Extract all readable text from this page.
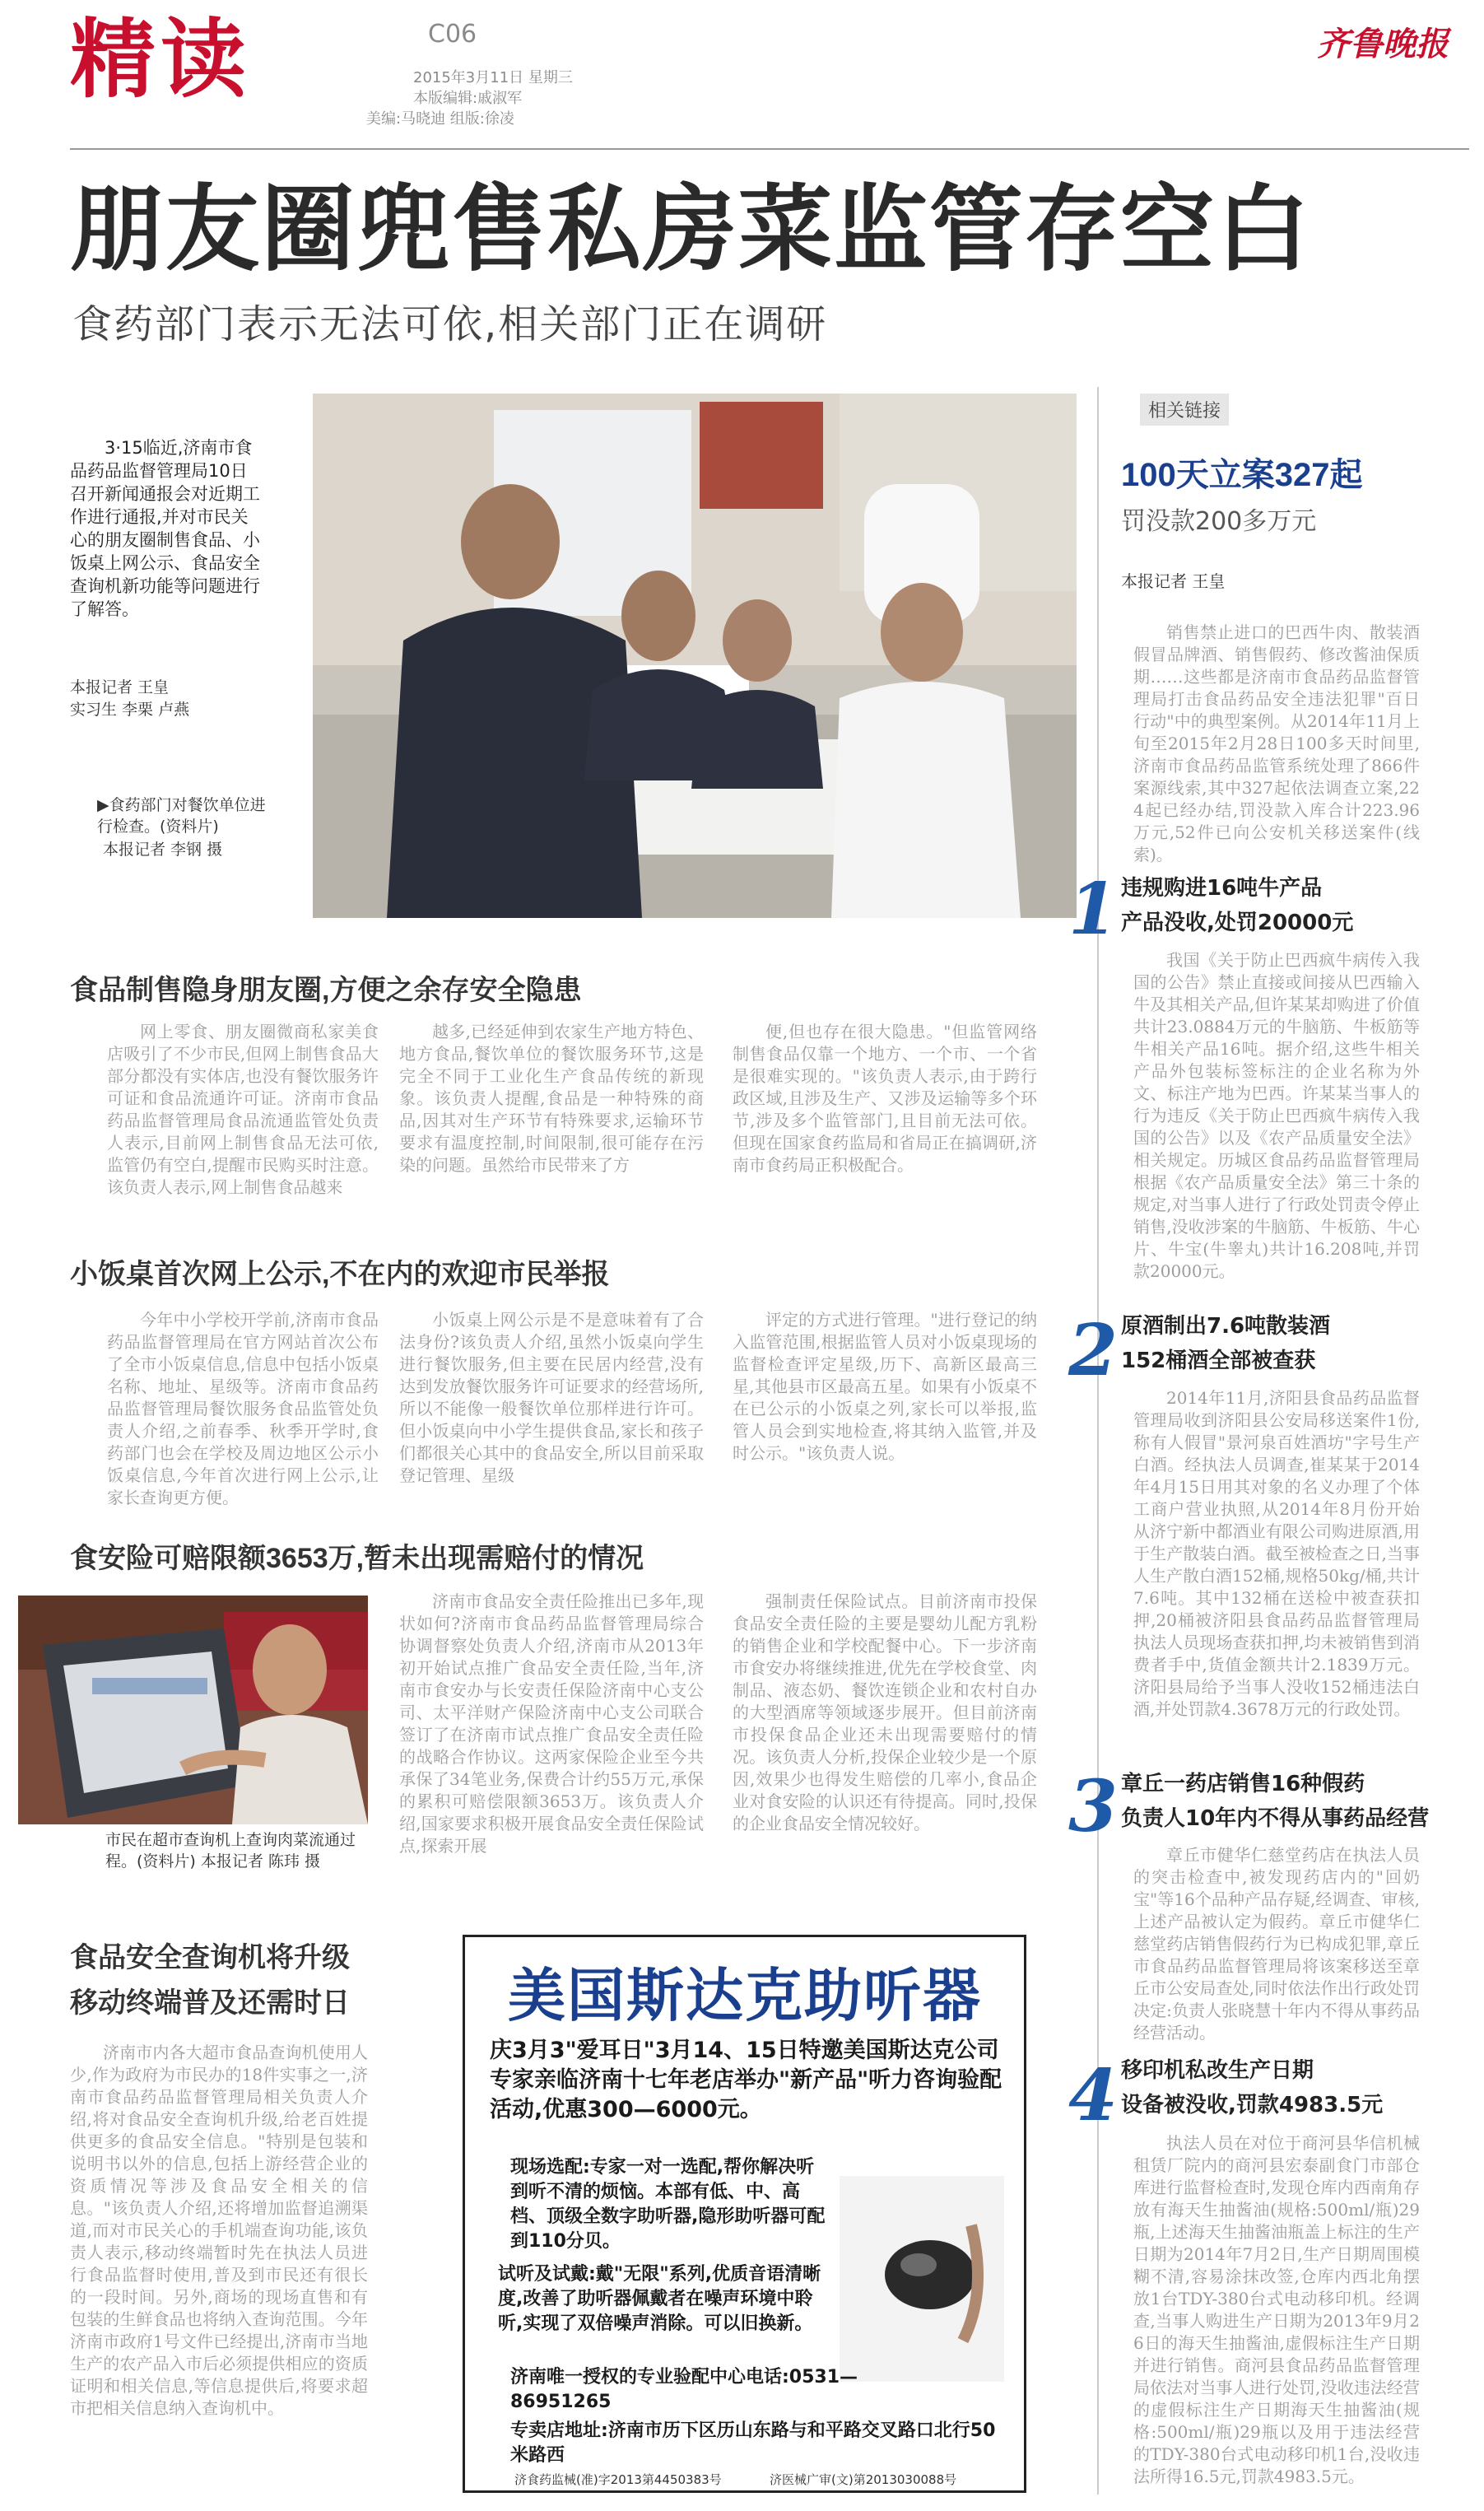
精读	C06
2015年3月11日 星期三
本版编辑:戚淑军
美编:马晓迪 组版:徐凌
齐鲁晚报
朋友圈兜售私房菜监管存空白
食药部门表示无法可依,相关部门正在调研
3·15临近,济南市食品药品监督管理局10日召开新闻通报会对近期工作进行通报,并对市民关心的朋友圈制售食品、小饭桌上网公示、食品安全查询机新功能等问题进行了解答。
本报记者 王皇
实习生 李栗 卢燕
▶食药部门对餐饮单位进行检查。(资料片)
本报记者 李钢 摄
食品制售隐身朋友圈,方便之余存安全隐患

网上零食、朋友圈微商私家美食店吸引了不少市民,但网上制售食品大部分都没有实体店,也没有餐饮服务许可证和食品流通许可证。济南市食品药品监督管理局食品流通监管处负责人表示,目前网上制售食品无法可依,监管仍有空白,提醒市民购买时注意。该负责人表示,网上制售食品越来

越多,已经延伸到农家生产地方特色、地方食品,餐饮单位的餐饮服务环节,这是完全不同于工业化生产食品传统的新现象。该负责人提醒,食品是一种特殊的商品,因其对生产环节有特殊要求,运输环节要求有温度控制,时间限制,很可能存在污染的问题。虽然给市民带来了方

便,但也存在很大隐患。"但监管网络制售食品仅靠一个地方、一个市、一个省是很难实现的。"该负责人表示,由于跨行政区域,且涉及生产、又涉及运输等多个环节,涉及多个监管部门,且目前无法可依。但现在国家食药监局和省局正在搞调研,济南市食药局正积极配合。

小饭桌首次网上公示,不在内的欢迎市民举报

今年中小学校开学前,济南市食品药品监督管理局在官方网站首次公布了全市小饭桌信息,信息中包括小饭桌名称、地址、星级等。济南市食品药品监督管理局餐饮服务食品监管处负责人介绍,之前春季、秋季开学时,食药部门也会在学校及周边地区公示小饭桌信息,今年首次进行网上公示,让家长查询更方便。

小饭桌上网公示是不是意味着有了合法身份?该负责人介绍,虽然小饭桌向学生进行餐饮服务,但主要在民居内经营,没有达到发放餐饮服务许可证要求的经营场所,所以不能像一般餐饮单位那样进行许可。但小饭桌向中小学生提供食品,家长和孩子们都很关心其中的食品安全,所以目前采取登记管理、星级

评定的方式进行管理。"进行登记的纳入监管范围,根据监管人员对小饭桌现场的监督检查评定星级,历下、高新区最高三星,其他县市区最高五星。如果有小饭桌不在已公示的小饭桌之列,家长可以举报,监管人员会到实地检查,将其纳入监管,并及时公示。"该负责人说。

食安险可赔限额3653万,暂未出现需赔付的情况
市民在超市查询机上查询肉菜流通过程。(资料片) 本报记者 陈玮 摄

济南市食品安全责任险推出已多年,现状如何?济南市食品药品监督管理局综合协调督察处负责人介绍,济南市从2013年初开始试点推广食品安全责任险,当年,济南市食安办与长安责任保险济南中心支公司、太平洋财产保险济南中心支公司联合签订了在济南市试点推广食品安全责任险的战略合作协议。这两家保险企业至今共承保了34笔业务,保费合计约55万元,承保的累积可赔偿限额3653万。该负责人介绍,国家要求积极开展食品安全责任保险试点,探索开展

强制责任保险试点。目前济南市投保食品安全责任险的主要是婴幼儿配方乳粉的销售企业和学校配餐中心。下一步济南市食安办将继续推进,优先在学校食堂、肉制品、液态奶、餐饮连锁企业和农村自办的大型酒席等领域逐步展开。但目前济南市投保食品企业还未出现需要赔付的情况。该负责人分析,投保企业较少是一个原因,效果少也得发生赔偿的几率小,食品企业对食安险的认识还有待提高。同时,投保的企业食品安全情况较好。

食品安全查询机将升级
移动终端普及还需时日

济南市内各大超市食品查询机使用人少,作为政府为市民办的18件实事之一,济南市食品药品监督管理局相关负责人介绍,将对食品安全查询机升级,给老百姓提供更多的食品安全信息。"特别是包装和说明书以外的信息,包括上游经营企业的资质情况等涉及食品安全相关的信息。"该负责人介绍,还将增加监督追溯渠道,而对市民关心的手机端查询功能,该负责人表示,移动终端暂时先在执法人员进行食品监督时使用,普及到市民还有很长的一段时间。另外,商场的现场直售和有包装的生鲜食品也将纳入查询范围。今年济南市政府1号文件已经提出,济南市当地生产的农产品入市后必须提供相应的资质证明和相关信息,等信息提供后,将要求超市把相关信息纳入查询机中。

美国斯达克助听器
庆3月3"爱耳日"3月14、15日特邀美国斯达克公司专家亲临济南十七年老店举办"新产品"听力咨询验配活动,优惠300—6000元。
现场选配:专家一对一选配,帮你解决听到听不清的烦恼。本部有低、中、高档、顶级全数字助听器,隐形助听器可配到110分贝。
试听及试戴:戴"无限"系列,优质音语清晰度,改善了助听器佩戴者在噪声环境中聆听,实现了双倍噪声消除。可以旧换新。
济南唯一授权的专业验配中心电话:0531—86951265
专卖店地址:济南市历下区历山东路与和平路交叉路口北行50米路西
济食药监械(准)字2013第4450383号	济医械广审(文)第2013030088号
相关链接
100天立案327起
罚没款200多万元
本报记者 王皇

销售禁止进口的巴西牛肉、散装酒假冒品牌酒、销售假药、修改酱油保质期……这些都是济南市食品药品监督管理局打击食品药品安全违法犯罪"百日行动"中的典型案例。从2014年11月上旬至2015年2月28日100多天时间里,济南市食品药品监管系统处理了866件案源线索,其中327起依法调查立案,224起已经办结,罚没款入库合计223.96万元,52件已向公安机关移送案件(线索)。

1 违规购进16吨牛产品
产品没收,处罚20000元

我国《关于防止巴西疯牛病传入我国的公告》禁止直接或间接从巴西输入牛及其相关产品,但许某某却购进了价值共计23.0884万元的牛脑筋、牛板筋等牛相关产品16吨。据介绍,这些牛相关产品外包装标签标注的企业名称为外文、标注产地为巴西。许某某当事人的行为违反《关于防止巴西疯牛病传入我国的公告》以及《农产品质量安全法》相关规定。历城区食品药品监督管理局根据《农产品质量安全法》第三十条的规定,对当事人进行了行政处罚责令停止销售,没收涉案的牛脑筋、牛板筋、牛心片、牛宝(牛睾丸)共计16.208吨,并罚款20000元。

2 原酒制出7.6吨散装酒
152桶酒全部被查获

2014年11月,济阳县食品药品监督管理局收到济阳县公安局移送案件1份,称有人假冒"景河泉百姓酒坊"字号生产白酒。经执法人员调查,崔某某于2014年4月15日用其对象的名义办理了个体工商户营业执照,从2014年8月份开始从济宁新中都酒业有限公司购进原酒,用于生产散装白酒。截至被检查之日,当事人生产散白酒152桶,规格50kg/桶,共计7.6吨。其中132桶在送检中被查获扣押,20桶被济阳县食品药品监督管理局执法人员现场查获扣押,均未被销售到消费者手中,货值金额共计2.1839万元。济阳县局给予当事人没收152桶违法白酒,并处罚款4.3678万元的行政处罚。

3 章丘一药店销售16种假药
负责人10年内不得从事药品经营

章丘市健华仁慈堂药店在执法人员的突击检查中,被发现药店内的"回奶宝"等16个品种产品存疑,经调查、审核,上述产品被认定为假药。章丘市健华仁慈堂药店销售假药行为已构成犯罪,章丘市食品药品监督管理局将该案移送至章丘市公安局查处,同时依法作出行政处罚决定:负责人张晓慧十年内不得从事药品经营活动。

4 移印机私改生产日期
设备被没收,罚款4983.5元

执法人员在对位于商河县华信机械租赁厂院内的商河县宏泰副食门市部仓库进行监督检查时,发现仓库内西南角存放有海天生抽酱油(规格:500ml/瓶)29瓶,上述海天生抽酱油瓶盖上标注的生产日期为2014年7月2日,生产日期周围模糊不清,容易涂抹改签,仓库内西北角摆放1台TDY-380台式电动移印机。经调查,当事人购进生产日期为2013年9月26日的海天生抽酱油,虚假标注生产日期并进行销售。商河县食品药品监督管理局依法对当事人进行处罚,没收违法经营的虚假标注生产日期海天生抽酱油(规格:500ml/瓶)29瓶以及用于违法经营的TDY-380台式电动移印机1台,没收违法所得16.5元,罚款4983.5元。
